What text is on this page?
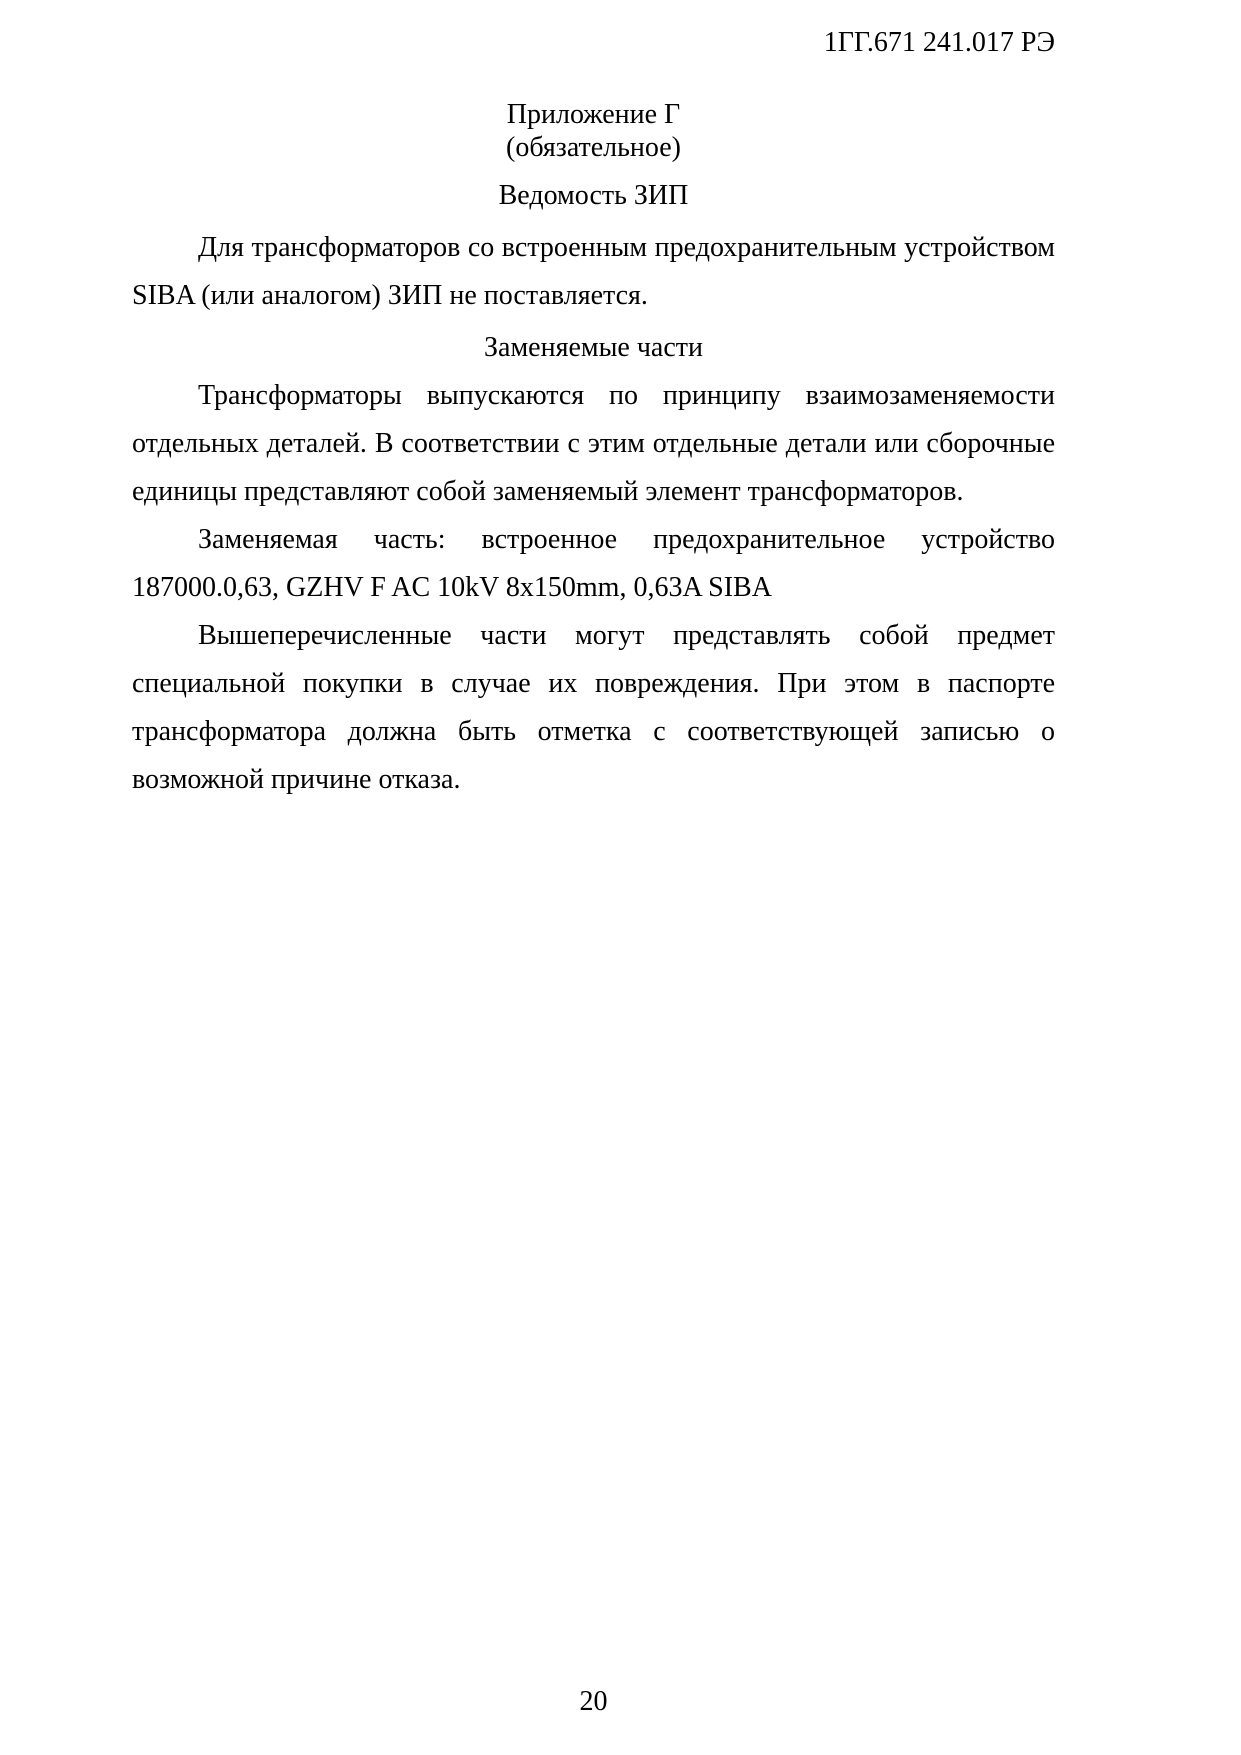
1ГГ.671 241.017 РЭ

Приложение Г
(обязательное)

Ведомость ЗИП

Для трансформаторов со встроенным предохранительным устройством SIBA (или аналогом) ЗИП не поставляется.

Заменяемые части

Трансформаторы выпускаются по принципу взаимозаменяемости отдельных деталей. В соответствии с этим отдельные детали или сборочные единицы представляют собой заменяемый элемент трансформаторов.

Заменяемая часть: встроенное предохранительное устройство 187000.0,63, GZHV F AC 10kV 8x150mm, 0,63A SIBA

Вышеперечисленные части могут представлять собой предмет специальной покупки в случае их повреждения. При этом в паспорте трансформатора должна быть отметка с соответствующей записью о возможной причине отказа.

20
